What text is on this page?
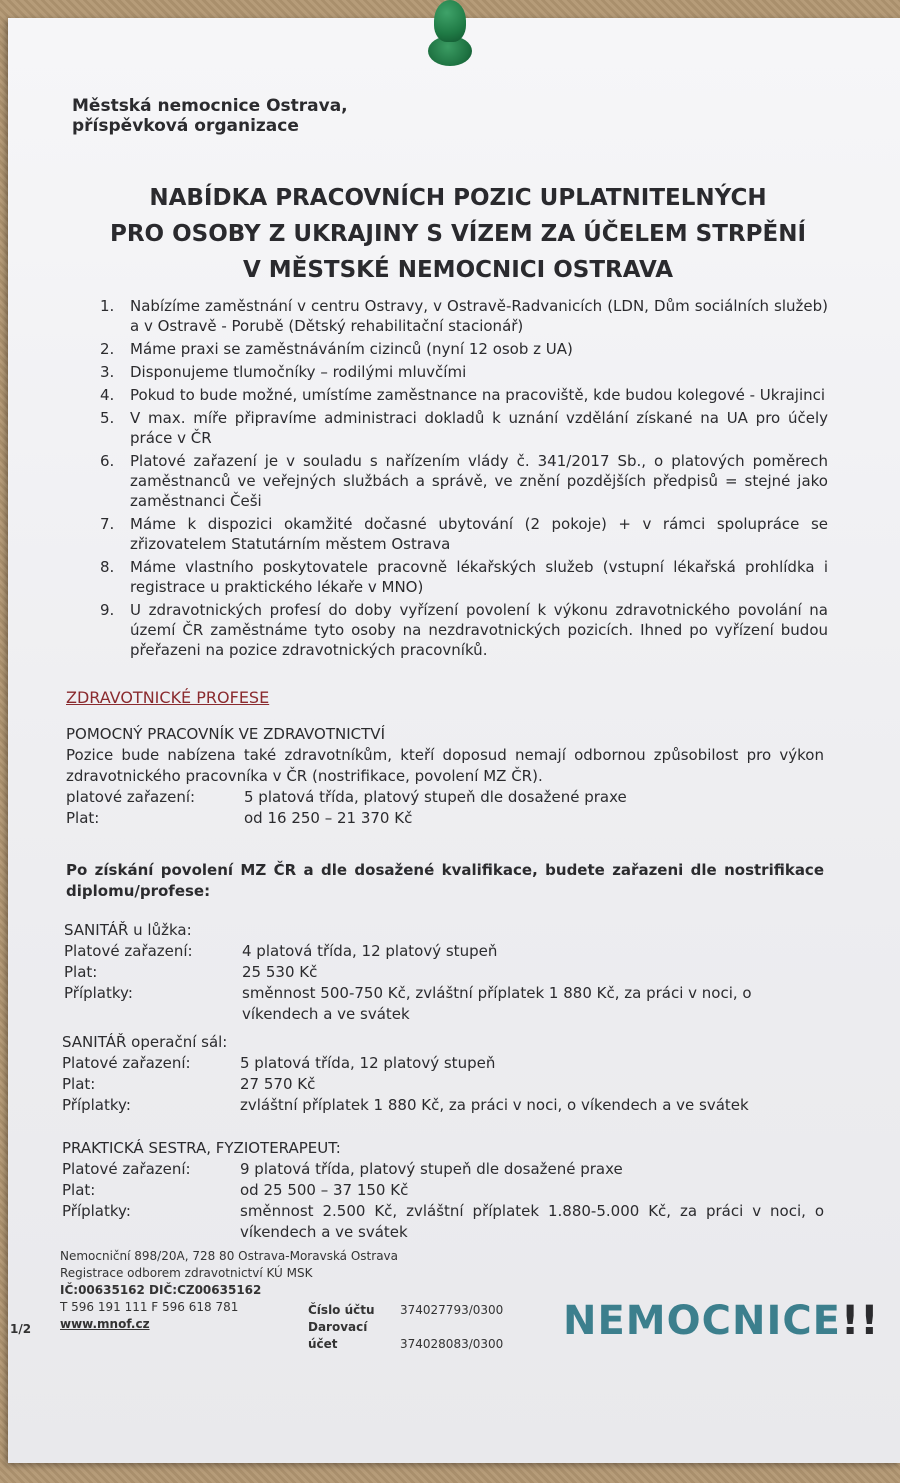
Městská nemocnice Ostrava,
příspěvková organizace
NABÍDKA PRACOVNÍCH POZIC UPLATNITELNÝCH
PRO OSOBY Z UKRAJINY S VÍZEM ZA ÚČELEM STRPĚNÍ
V MĚSTSKÉ NEMOCNICI OSTRAVA
1.	Nabízíme zaměstnání v centru Ostravy, v Ostravě-Radvanicích (LDN, Dům sociálních služeb) a v Ostravě - Porubě (Dětský rehabilitační stacionář)
2.	Máme praxi se zaměstnáváním cizinců (nyní 12 osob z UA)
3.	Disponujeme tlumočníky – rodilými mluvčími
4.	Pokud to bude možné, umístíme zaměstnance na pracoviště, kde budou kolegové - Ukrajinci
5.	V max. míře připravíme administraci dokladů k uznání vzdělání získané na UA pro účely práce v ČR
6.	Platové zařazení je v souladu s nařízením vlády č. 341/2017 Sb., o platových poměrech zaměstnanců ve veřejných službách a správě, ve znění pozdějších předpisů = stejné jako zaměstnanci Češi
7.	Máme k dispozici okamžité dočasné ubytování (2 pokoje) + v rámci spolupráce se zřizovatelem Statutárním městem Ostrava
8.	Máme vlastního poskytovatele pracovně lékařských služeb (vstupní lékařská prohlídka i registrace u praktického lékaře v MNO)
9.	U zdravotnických profesí do doby vyřízení povolení k výkonu zdravotnického povolání na území ČR zaměstnáme tyto osoby na nezdravotnických pozicích. Ihned po vyřízení budou přeřazeni na pozice zdravotnických pracovníků.
ZDRAVOTNICKÉ PROFESE
POMOCNÝ PRACOVNÍK VE ZDRAVOTNICTVÍ
Pozice bude nabízena také zdravotníkům, kteří doposud nemají odbornou způsobilost pro výkon zdravotnického pracovníka v ČR (nostrifikace, povolení MZ ČR).
platové zařazení:	5 platová třída, platový stupeň dle dosažené praxe
Plat:	od 16 250 – 21 370 Kč
Po získání povolení MZ ČR a dle dosažené kvalifikace, budete zařazeni dle nostrifikace diplomu/profese:
SANITÁŘ u lůžka:
Platové zařazení:	4 platová třída, 12 platový stupeň
Plat:	25 530 Kč
Příplatky:	směnnost 500-750 Kč, zvláštní příplatek 1 880 Kč, za práci v noci, o víkendech a ve svátek
SANITÁŘ operační sál:
Platové zařazení:	5 platová třída, 12 platový stupeň
Plat:	27 570 Kč
Příplatky:	zvláštní příplatek 1 880 Kč, za práci v noci, o víkendech a ve svátek
PRAKTICKÁ SESTRA, FYZIOTERAPEUT:
Platové zařazení:	9 platová třída, platový stupeň dle dosažené praxe
Plat:	od 25 500 – 37 150 Kč
Příplatky:	směnnost 2.500 Kč, zvláštní příplatek 1.880-5.000 Kč, za práci v noci, o víkendech a ve svátek
Nemocniční 898/20A, 728 80 Ostrava-Moravská Ostrava
Registrace odborem zdravotnictví KÚ MSK
IČ:00635162 DIČ:CZ00635162
T 596 191 111 F 596 618 781
www.mnof.cz
Číslo účtu 374027793/0300
Darovací účet	374028083/0300
1/2	NEMOCNICE!!
